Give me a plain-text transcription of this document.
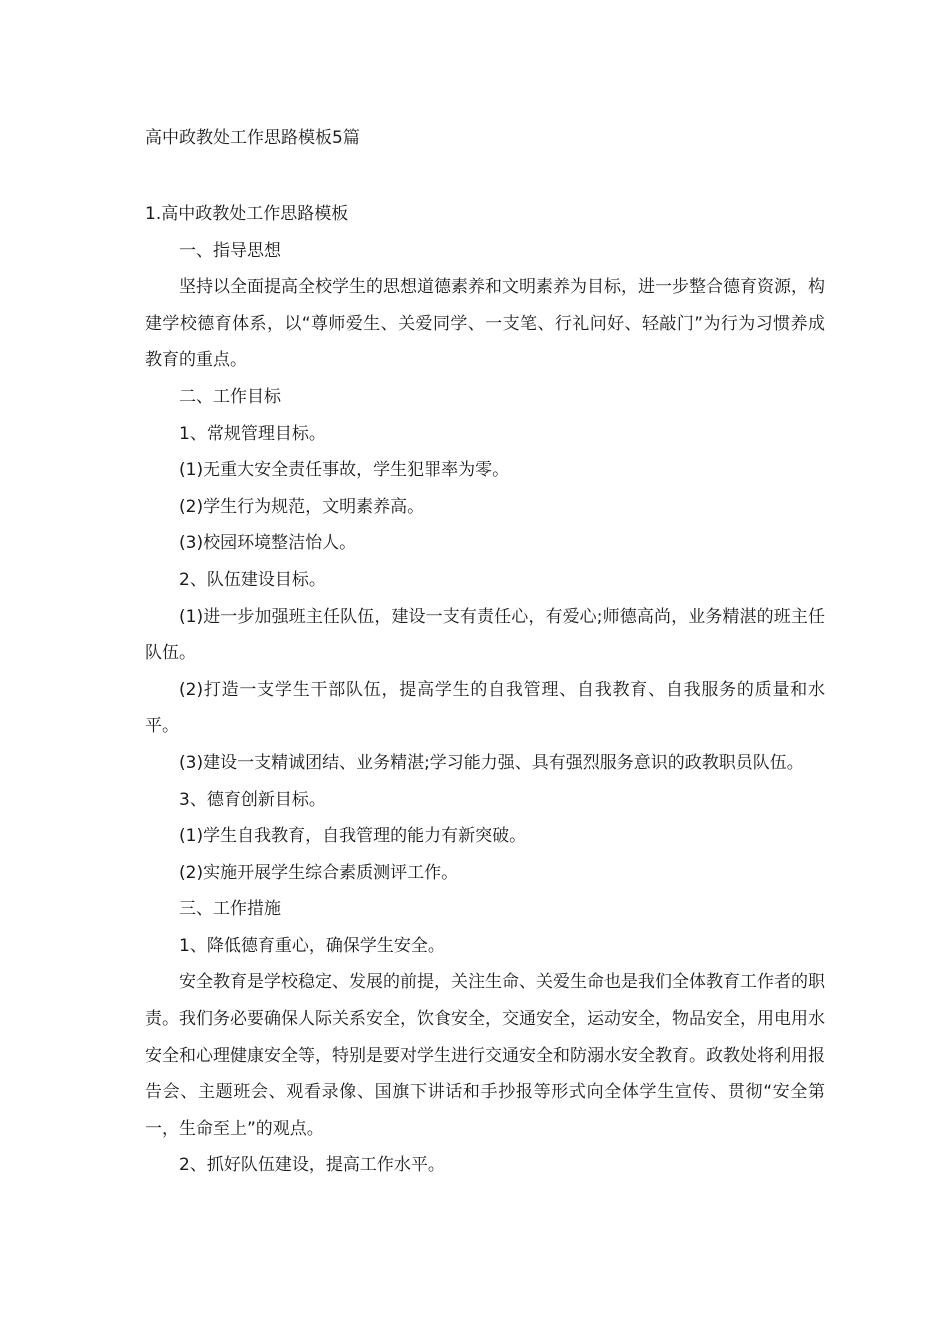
高中政教处工作思路模板5篇

1.高中政教处工作思路模板

一、指导思想

坚持以全面提高全校学生的思想道德素养和文明素养为目标，进一步整合德育资源，构建学校德育体系，以“尊师爱生、关爱同学、一支笔、行礼问好、轻敲门”为行为习惯养成教育的重点。

二、工作目标

1、常规管理目标。

(1)无重大安全责任事故，学生犯罪率为零。

(2)学生行为规范，文明素养高。

(3)校园环境整洁怡人。

2、队伍建设目标。

(1)进一步加强班主任队伍，建设一支有责任心，有爱心;师德高尚，业务精湛的班主任队伍。

(2)打造一支学生干部队伍，提高学生的自我管理、自我教育、自我服务的质量和水平。

(3)建设一支精诚团结、业务精湛;学习能力强、具有强烈服务意识的政教职员队伍。

3、德育创新目标。

(1)学生自我教育，自我管理的能力有新突破。

(2)实施开展学生综合素质测评工作。

三、工作措施

1、降低德育重心，确保学生安全。

安全教育是学校稳定、发展的前提，关注生命、关爱生命也是我们全体教育工作者的职责。我们务必要确保人际关系安全，饮食安全，交通安全，运动安全，物品安全，用电用水安全和心理健康安全等，特别是要对学生进行交通安全和防溺水安全教育。政教处将利用报告会、主题班会、观看录像、国旗下讲话和手抄报等形式向全体学生宣传、贯彻“安全第一，生命至上”的观点。

2、抓好队伍建设，提高工作水平。
